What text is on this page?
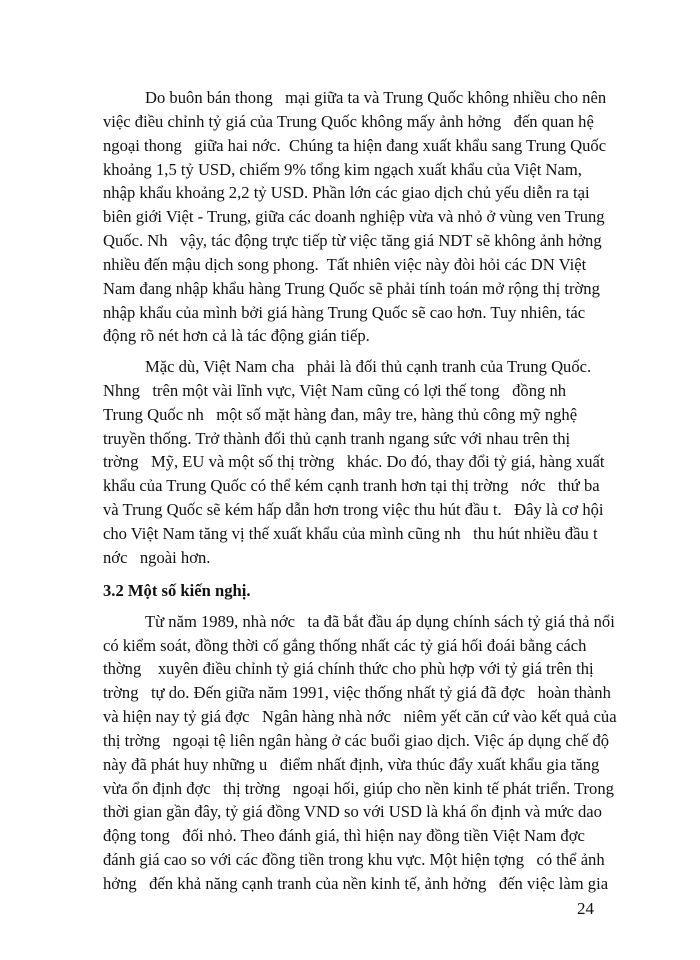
Do buôn bán thong   mại giữa ta và Trung Quốc không nhiều cho nên
việc điều chỉnh tỷ giá của Trung Quốc không mấy ảnh hởng   đến quan hệ
ngoại thong   giữa hai nớc.  Chúng ta hiện đang xuất khẩu sang Trung Quốc
khoảng 1,5 tỷ USD, chiếm 9% tổng kim ngạch xuất khẩu của Việt Nam,
nhập khẩu khoảng 2,2 tỷ USD. Phần lớn các giao dịch chủ yếu diễn ra tại
biên giới Việt - Trung, giữa các doanh nghiệp vừa và nhỏ ở vùng ven Trung
Quốc. Nh   vậy, tác động trực tiếp từ việc tăng giá NDT sẽ không ảnh hởng
nhiều đến mậu dịch song phong.  Tất nhiên việc này đòi hỏi các DN Việt
Nam đang nhập khẩu hàng Trung Quốc sẽ phải tính toán mở rộng thị trờng
nhập khẩu của mình bởi giá hàng Trung Quốc sẽ cao hơn. Tuy nhiên, tác
động rõ nét hơn cả là tác động gián tiếp.
Mặc dù, Việt Nam cha   phải là đối thủ cạnh tranh của Trung Quốc.
Nhng   trên một vài lĩnh vực, Việt Nam cũng có lợi thế tong   đồng nh
Trung Quốc nh   một số mặt hàng đan, mây tre, hàng thủ công mỹ nghệ
truyền thống. Trở thành đối thủ cạnh tranh ngang sức với nhau trên thị
trờng   Mỹ, EU và một số thị trờng   khác. Do đó, thay đổi tỷ giá, hàng xuất
khẩu của Trung Quốc có thể kém cạnh tranh hơn tại thị trờng   nớc   thứ ba
và Trung Quốc sẽ kém hấp dẫn hơn trong việc thu hút đầu t.   Đây là cơ hội
cho Việt Nam tăng vị thế xuất khẩu của mình cũng nh   thu hút nhiều đầu t
nớc   ngoài hơn.
3.2 Một số kiến nghị.
Từ năm 1989, nhà nớc   ta đã bắt đầu áp dụng chính sách tỷ giá thả nổi
có kiểm soát, đồng thời cố gắng thống nhất các tỷ giá hối đoái bằng cách
thờng    xuyên điều chỉnh tỷ giá chính thức cho phù hợp với tỷ giá trên thị
trờng   tự do. Đến giữa năm 1991, việc thống nhất tỷ giá đã đợc   hoàn thành
và hiện nay tỷ giá đợc   Ngân hàng nhà nớc   niêm yết căn cứ vào kết quả của
thị trờng   ngoại tệ liên ngân hàng ở các buổi giao dịch. Việc áp dụng chế độ
này đã phát huy những u   điểm nhất định, vừa thúc đẩy xuất khẩu gia tăng
vừa ổn định đợc   thị trờng   ngoại hối, giúp cho nền kinh tế phát triển. Trong
thời gian gần đây, tỷ giá đồng VND so với USD là khá ổn định và mức dao
động tong   đối nhỏ. Theo đánh giá, thì hiện nay đồng tiền Việt Nam đợc
đánh giá cao so với các đồng tiền trong khu vực. Một hiện tợng   có thể ảnh
hởng   đến khả năng cạnh tranh của nền kinh tế, ảnh hởng   đến việc làm gia
24
